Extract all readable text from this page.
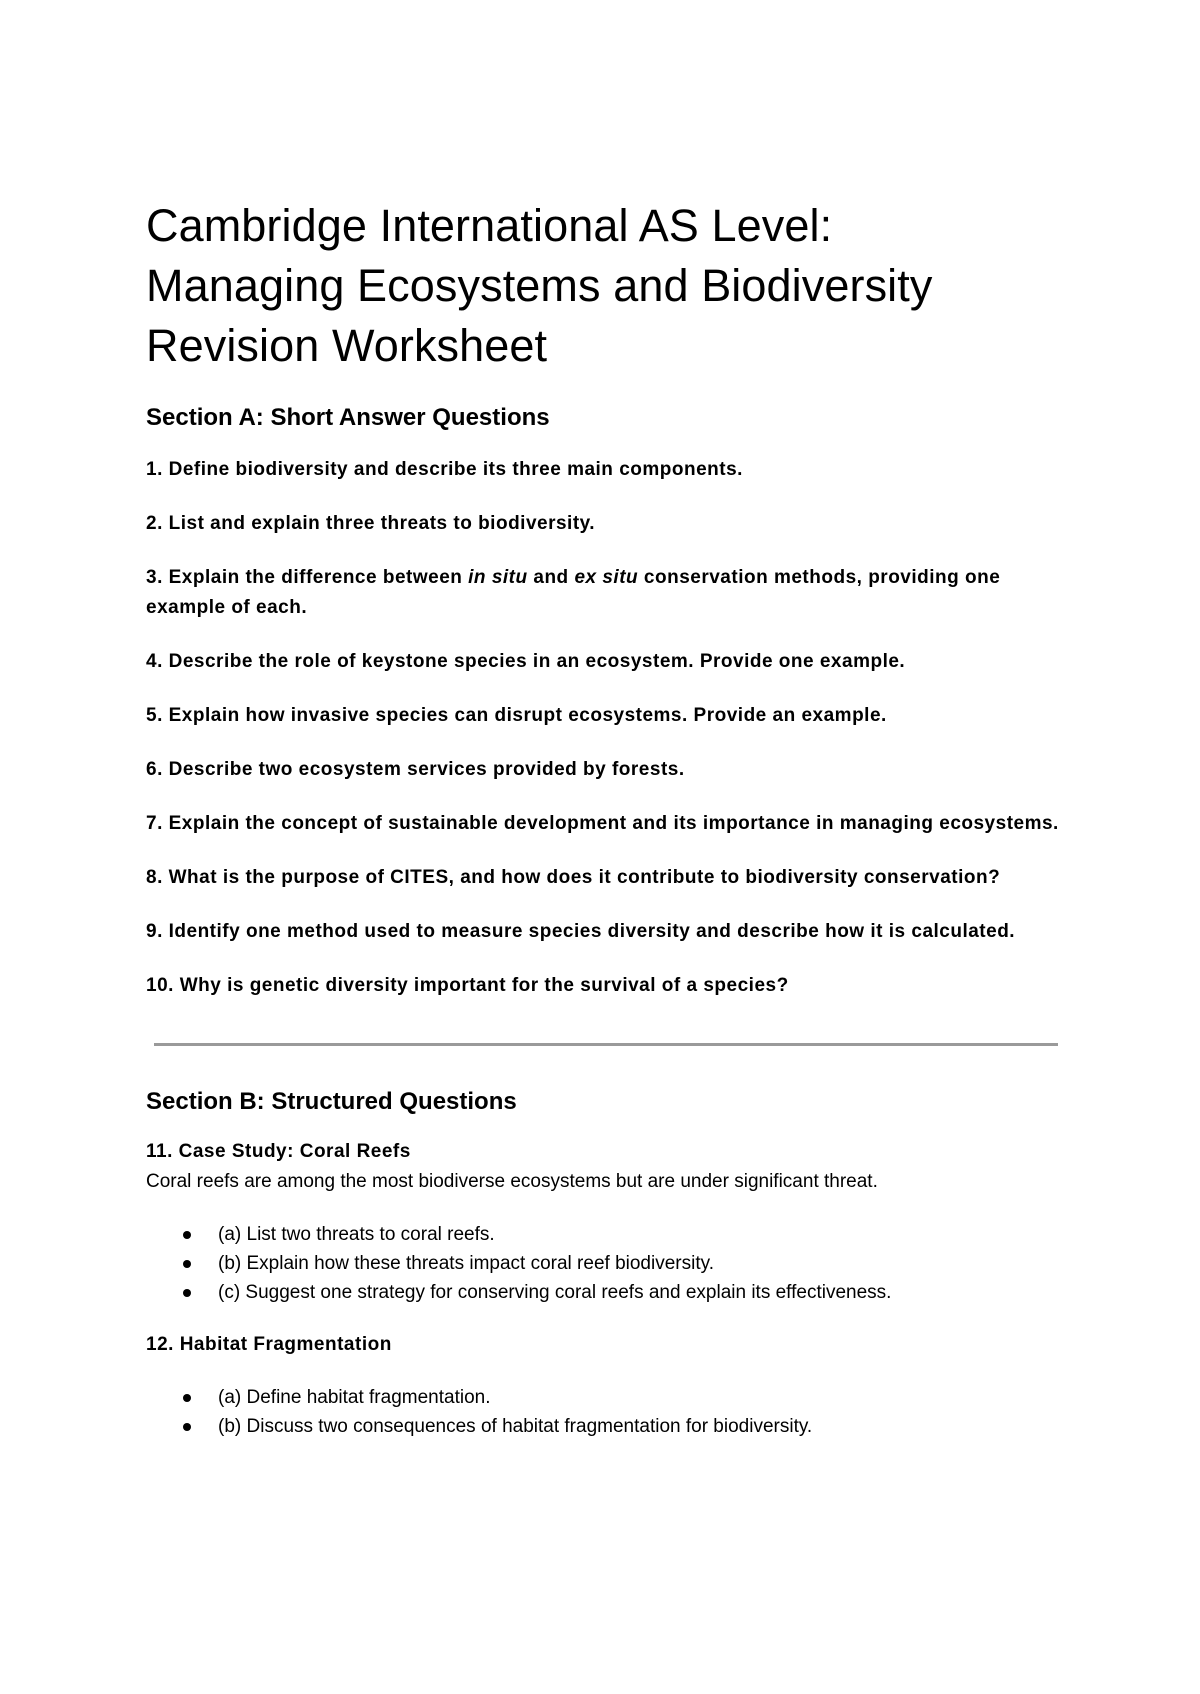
Cambridge International AS Level:
Managing Ecosystems and Biodiversity
Revision Worksheet
Section A: Short Answer Questions
1. Define biodiversity and describe its three main components.
2. List and explain three threats to biodiversity.
3. Explain the difference between in situ and ex situ conservation methods, providing one example of each.
4. Describe the role of keystone species in an ecosystem. Provide one example.
5. Explain how invasive species can disrupt ecosystems. Provide an example.
6. Describe two ecosystem services provided by forests.
7. Explain the concept of sustainable development and its importance in managing ecosystems.
8. What is the purpose of CITES, and how does it contribute to biodiversity conservation?
9. Identify one method used to measure species diversity and describe how it is calculated.
10. Why is genetic diversity important for the survival of a species?
Section B: Structured Questions
11. Case Study: Coral Reefs
Coral reefs are among the most biodiverse ecosystems but are under significant threat.
(a) List two threats to coral reefs.
(b) Explain how these threats impact coral reef biodiversity.
(c) Suggest one strategy for conserving coral reefs and explain its effectiveness.
12. Habitat Fragmentation
(a) Define habitat fragmentation.
(b) Discuss two consequences of habitat fragmentation for biodiversity.
